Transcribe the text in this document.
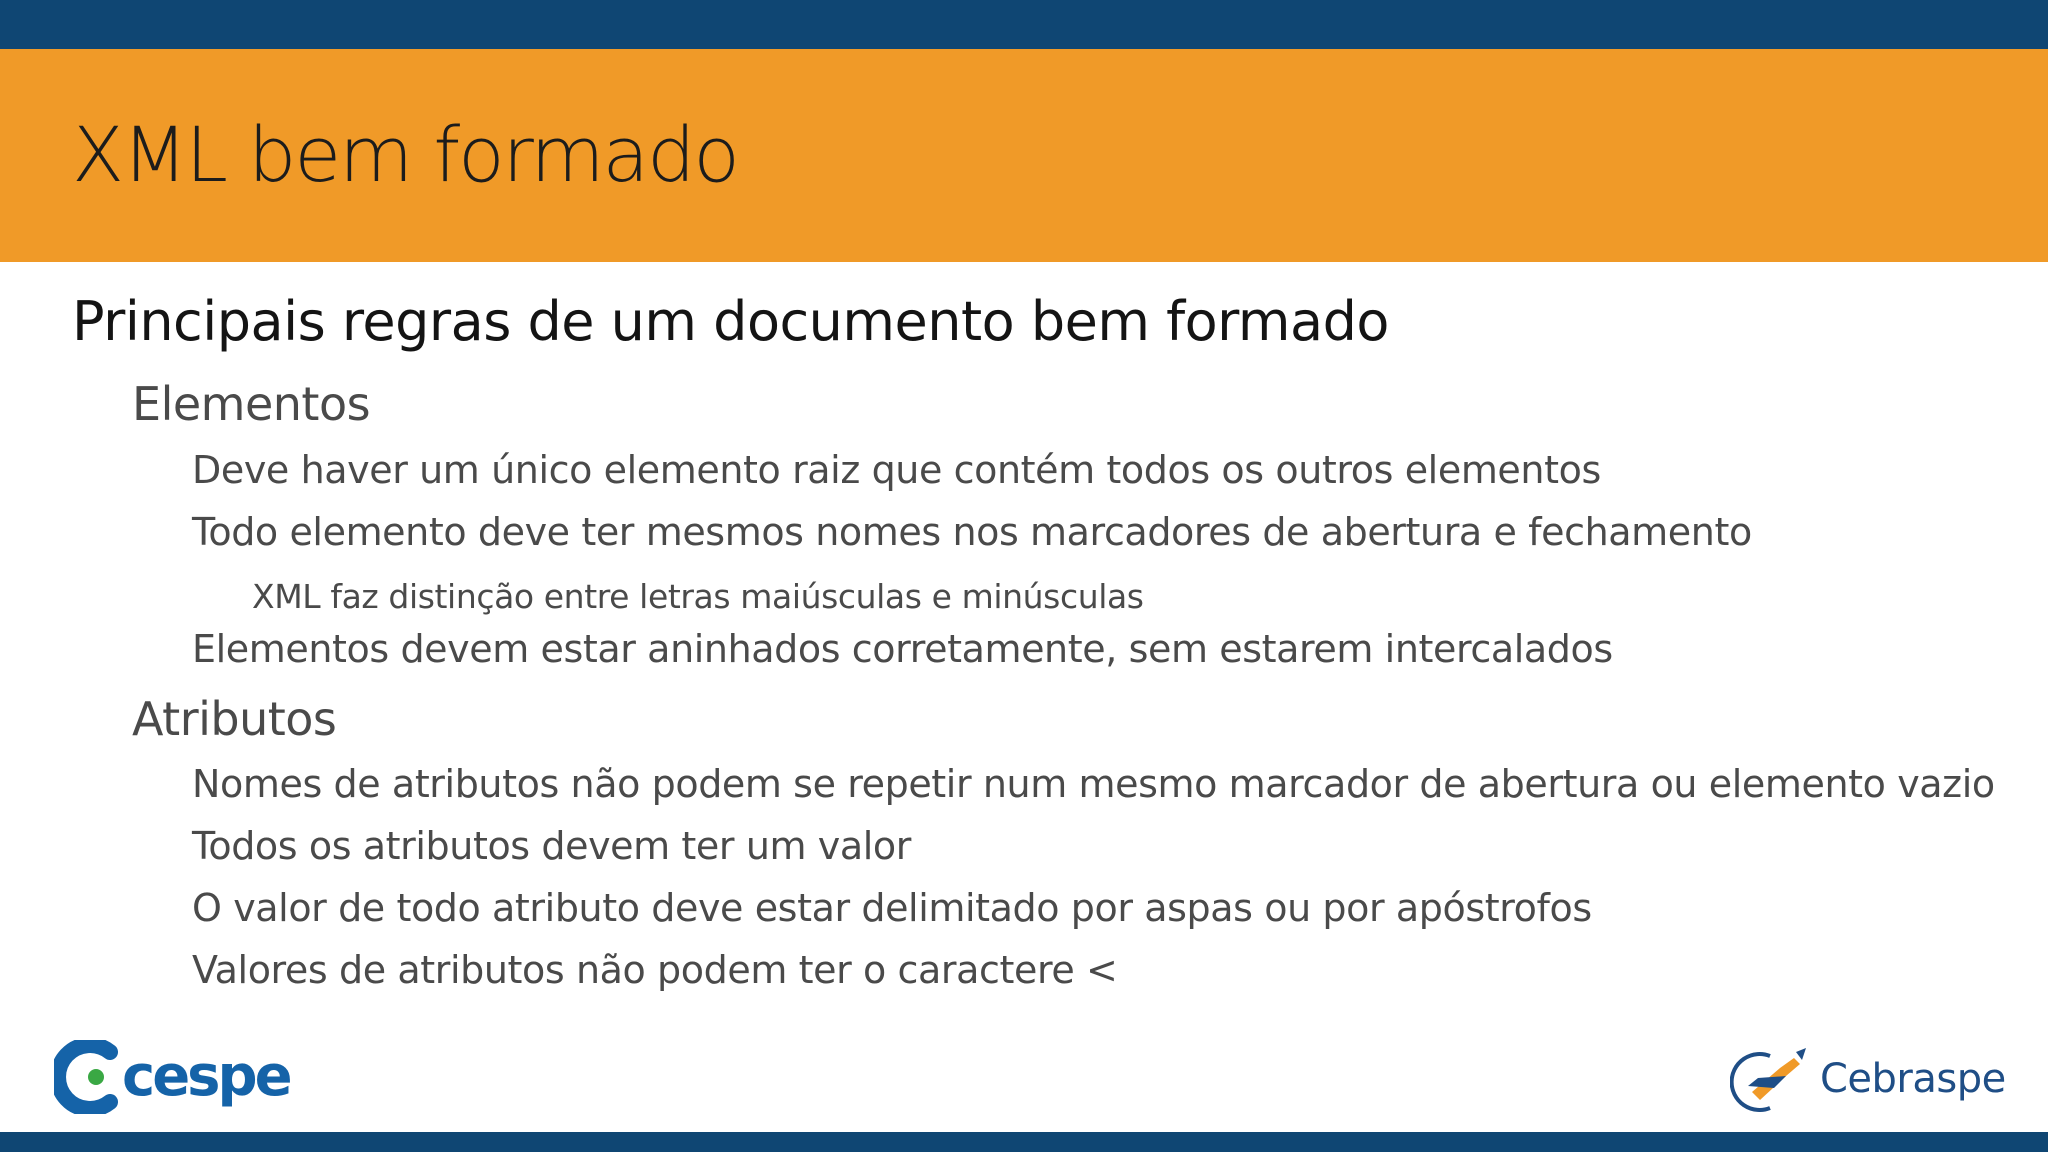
XML bem formado

Principais regras de um documento bem formado

Elementos

Deve haver um único elemento raiz que contém todos os outros elementos

Todo elemento deve ter mesmos nomes nos marcadores de abertura e fechamento

XML faz distinção entre letras maiúsculas e minúsculas

Elementos devem estar aninhados corretamente, sem estarem intercalados

Atributos

Nomes de atributos não podem se repetir num mesmo marcador de abertura ou elemento vazio

Todos os atributos devem ter um valor

O valor de todo atributo deve estar delimitado por aspas ou por apóstrofos

Valores de atributos não podem ter o caractere <

cespe	Cebraspe
